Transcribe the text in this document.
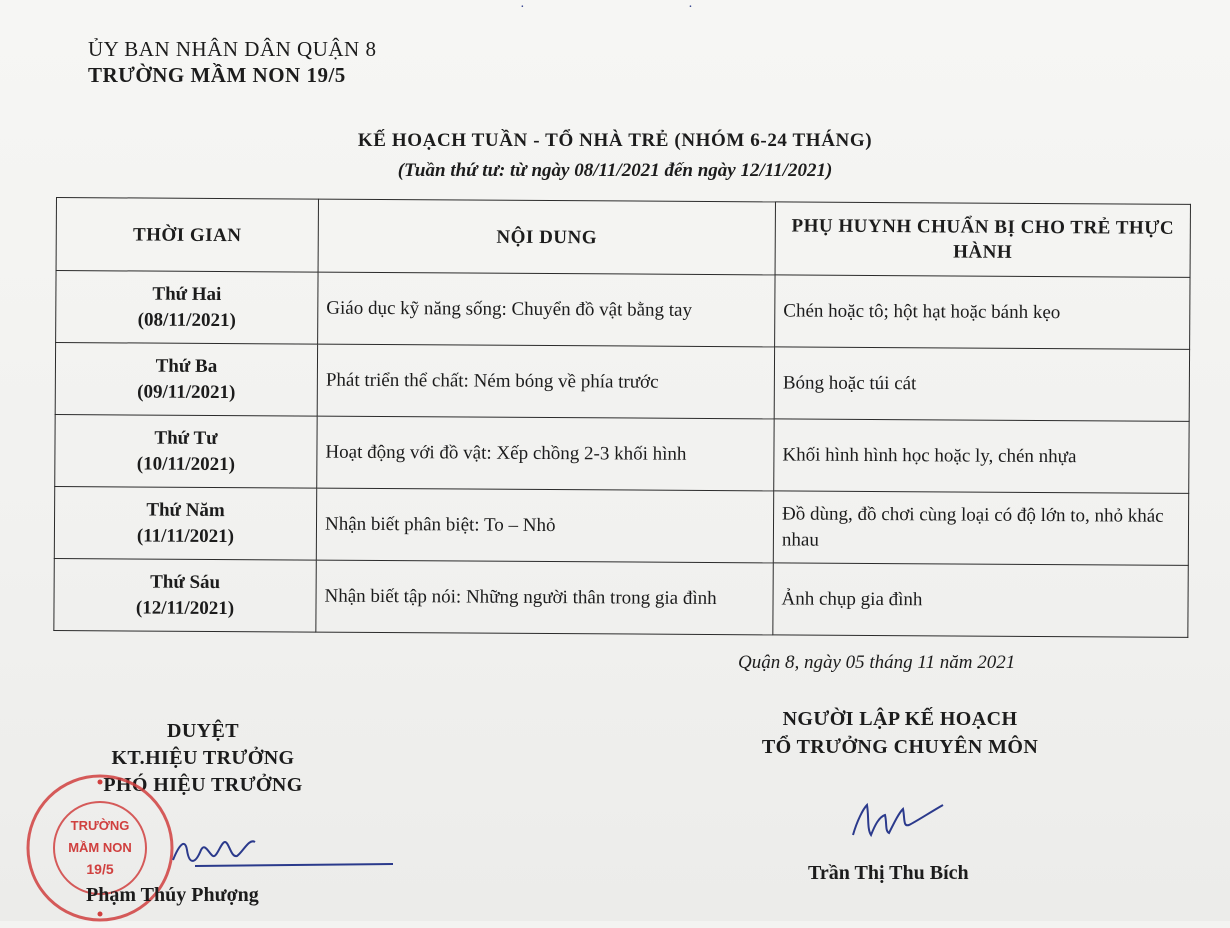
· ·
ỦY BAN NHÂN DÂN QUẬN 8
TRƯỜNG MẦM NON 19/5
KẾ HOẠCH TUẦN - TỔ NHÀ TRẺ (NHÓM 6-24 THÁNG)
(Tuần thứ tư: từ ngày 08/11/2021 đến ngày 12/11/2021)
THỜI GIAN	NỘI DUNG	PHỤ HUYNH CHUẨN BỊ CHO TRẺ THỰC HÀNH

Thứ Hai
(08/11/2021)	Giáo dục kỹ năng sống: Chuyển đồ vật bằng tay	Chén hoặc tô; hột hạt hoặc bánh kẹo

Thứ Ba
(09/11/2021)	Phát triển thể chất: Ném bóng về phía trước	Bóng hoặc túi cát

Thứ Tư
(10/11/2021)	Hoạt động với đồ vật: Xếp chồng 2-3 khối hình	Khối hình hình học hoặc ly, chén nhựa

Thứ Năm
(11/11/2021)	Nhận biết phân biệt: To – Nhỏ	Đồ dùng, đồ chơi cùng loại có độ lớn to, nhỏ khác nhau

Thứ Sáu
(12/11/2021)	Nhận biết tập nói: Những người thân trong gia đình	Ảnh chụp gia đình
Quận 8, ngày 05 tháng 11 năm 2021
DUYỆT
KT.HIỆU TRƯỞNG
PHÓ HIỆU TRƯỞNG
NGƯỜI LẬP KẾ HOẠCH
TỔ TRƯỞNG CHUYÊN MÔN
TRƯỜNG
MẦM NON
19/5
Phạm Thúy Phượng
Trần Thị Thu Bích
